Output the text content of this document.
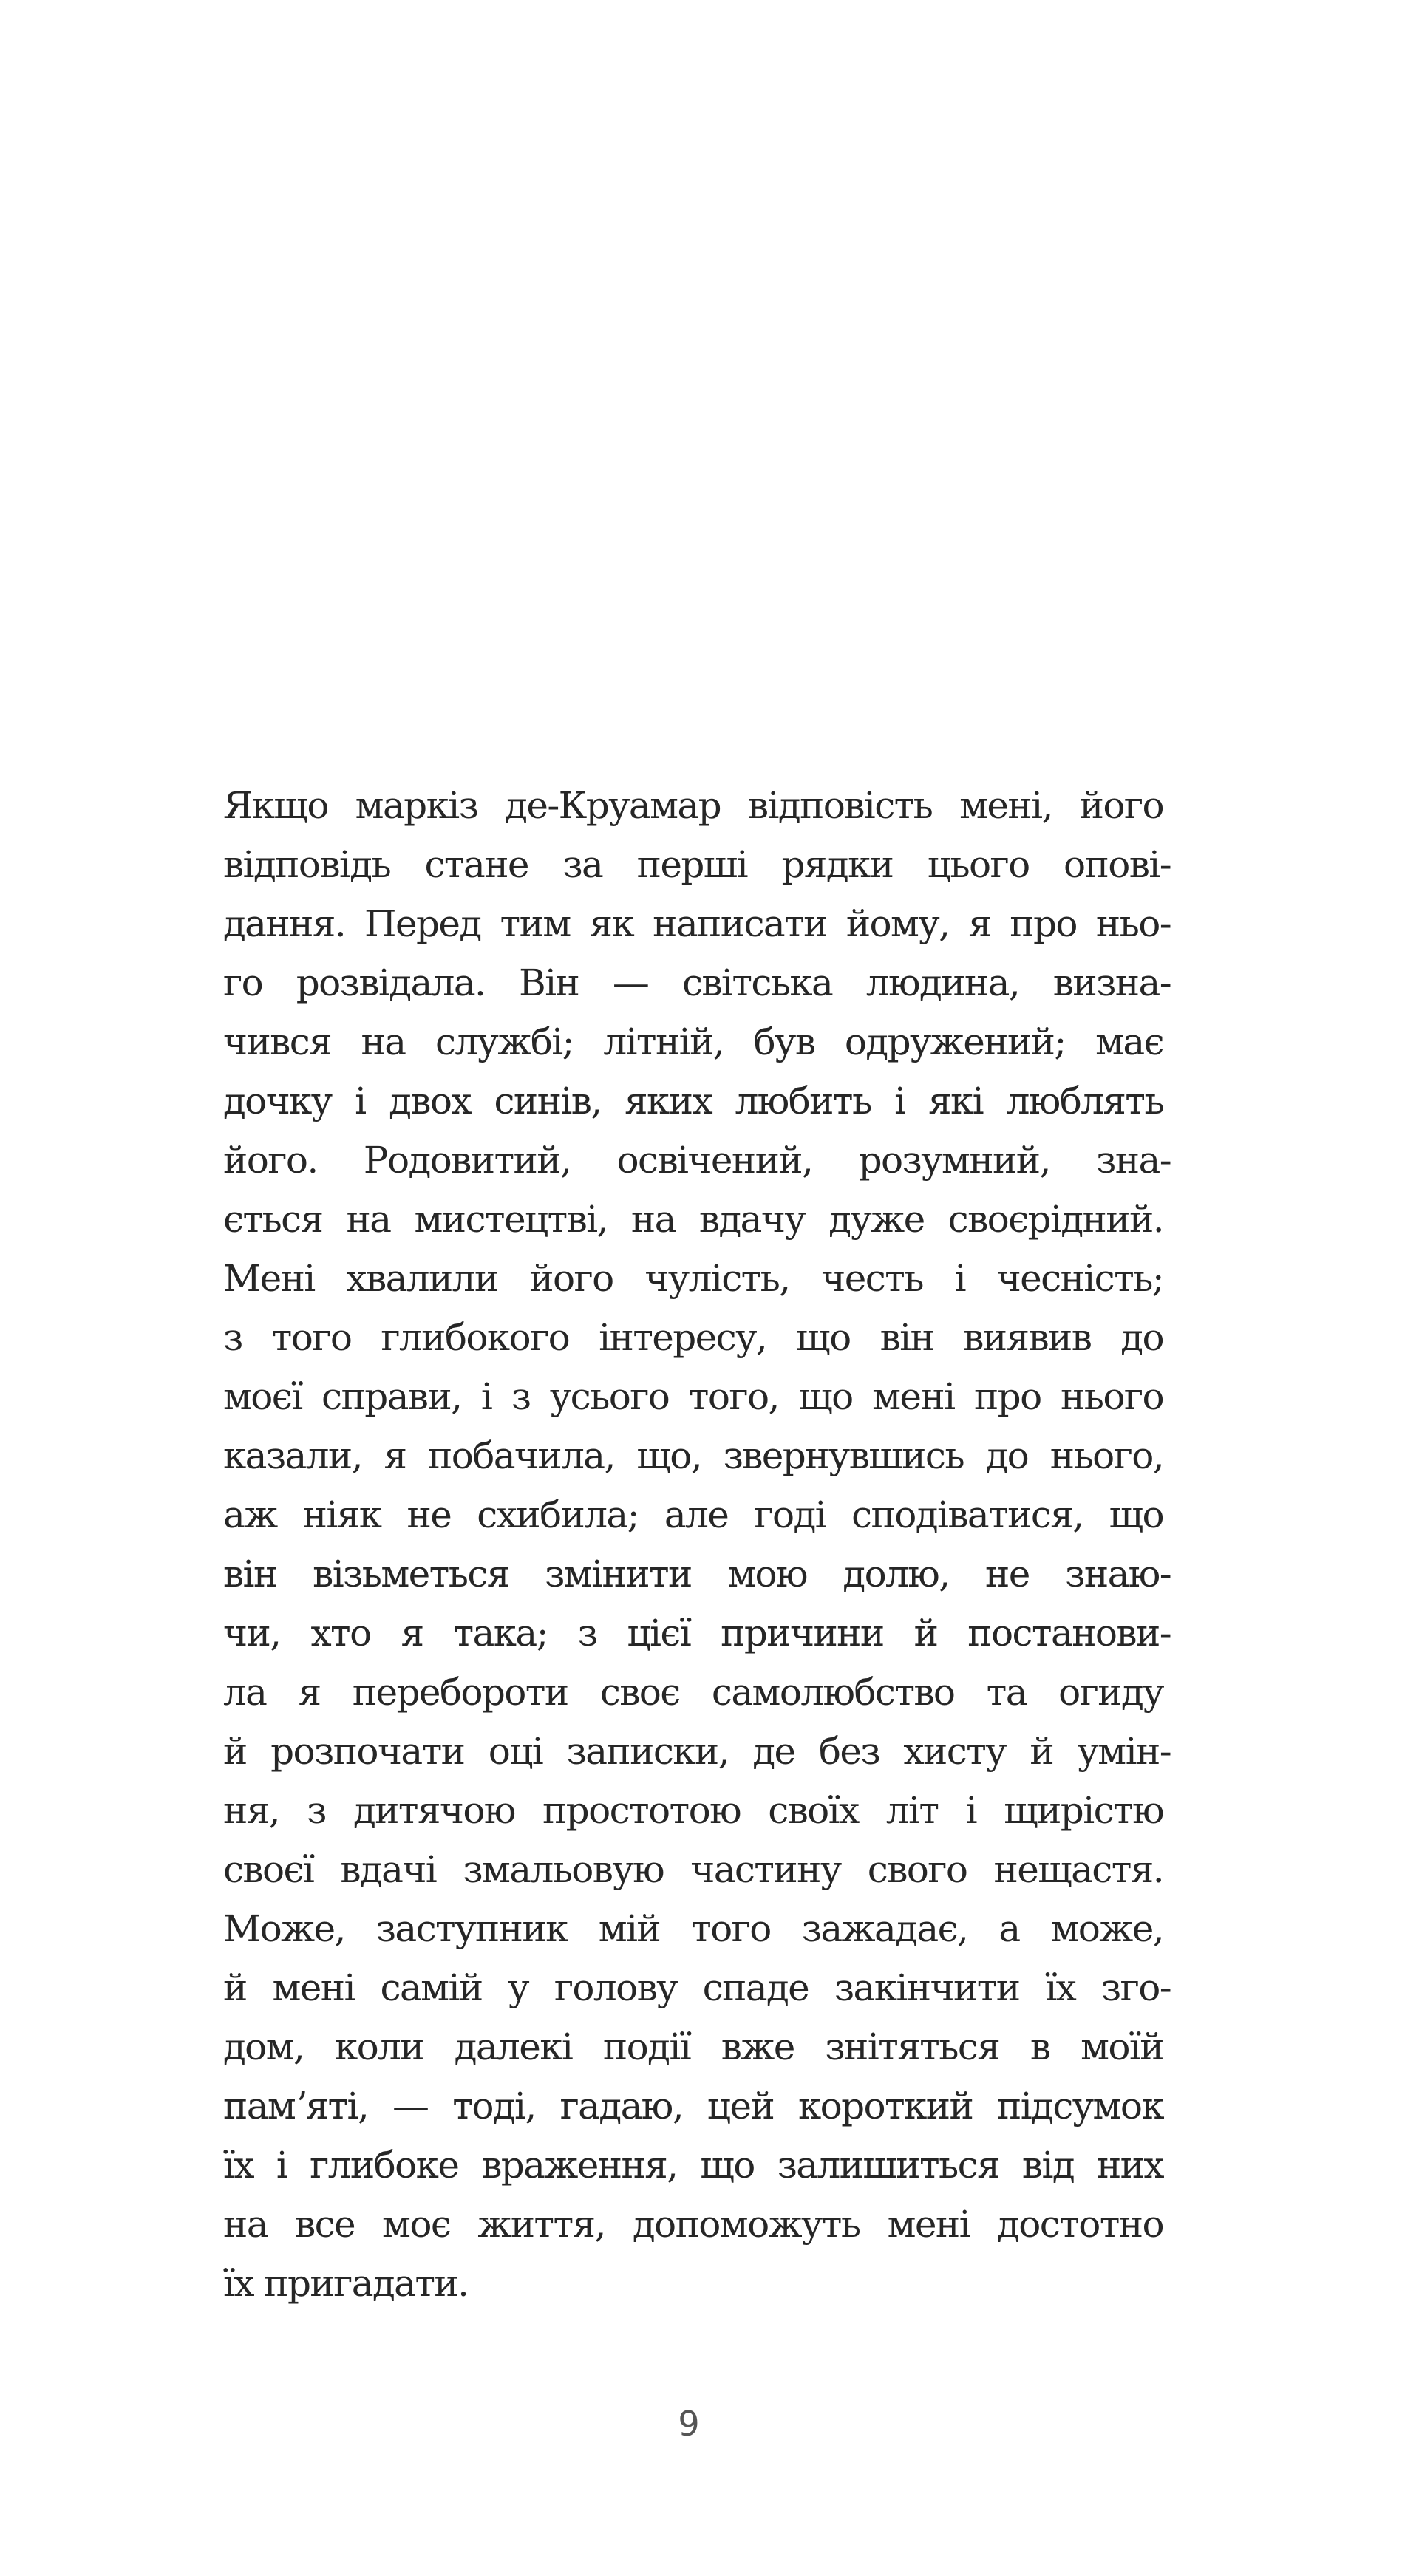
Якщо маркіз де-Круамар відповість мені, його
відповідь стане за перші рядки цього опові-
дання. Перед тим як написати йому, я про ньо-
го розвідала. Він — світська людина, визна-
чився на службі; літній, був одружений; має
дочку і двох синів, яких любить і які люблять
його. Родовитий, освічений, розумний, зна-
ється на мистецтві, на вдачу дуже своєрідний.
Мені хвалили його чулість, честь і чесність;
з того глибокого інтересу, що він виявив до
моєї справи, і з усього того, що мені про нього
казали, я побачила, що, звернувшись до нього,
аж ніяк не схибила; але годі сподіватися, що
він візьметься змінити мою долю, не знаю-
чи, хто я така; з цієї причини й постанови-
ла я перебороти своє самолюбство та огиду
й розпочати оці записки, де без хисту й умін-
ня, з дитячою простотою своїх літ і щирістю
своєї вдачі змальовую частину свого нещастя.
Може, заступник мій того зажадає, а може,
й мені самій у голову спаде закінчити їх зго-
дом, коли далекі події вже знітяться в моїй
памʼяті, — тоді, гадаю, цей короткий підсумок
їх і глибоке враження, що залишиться від них
на все моє життя, допоможуть мені достотно
їх пригадати.
9
